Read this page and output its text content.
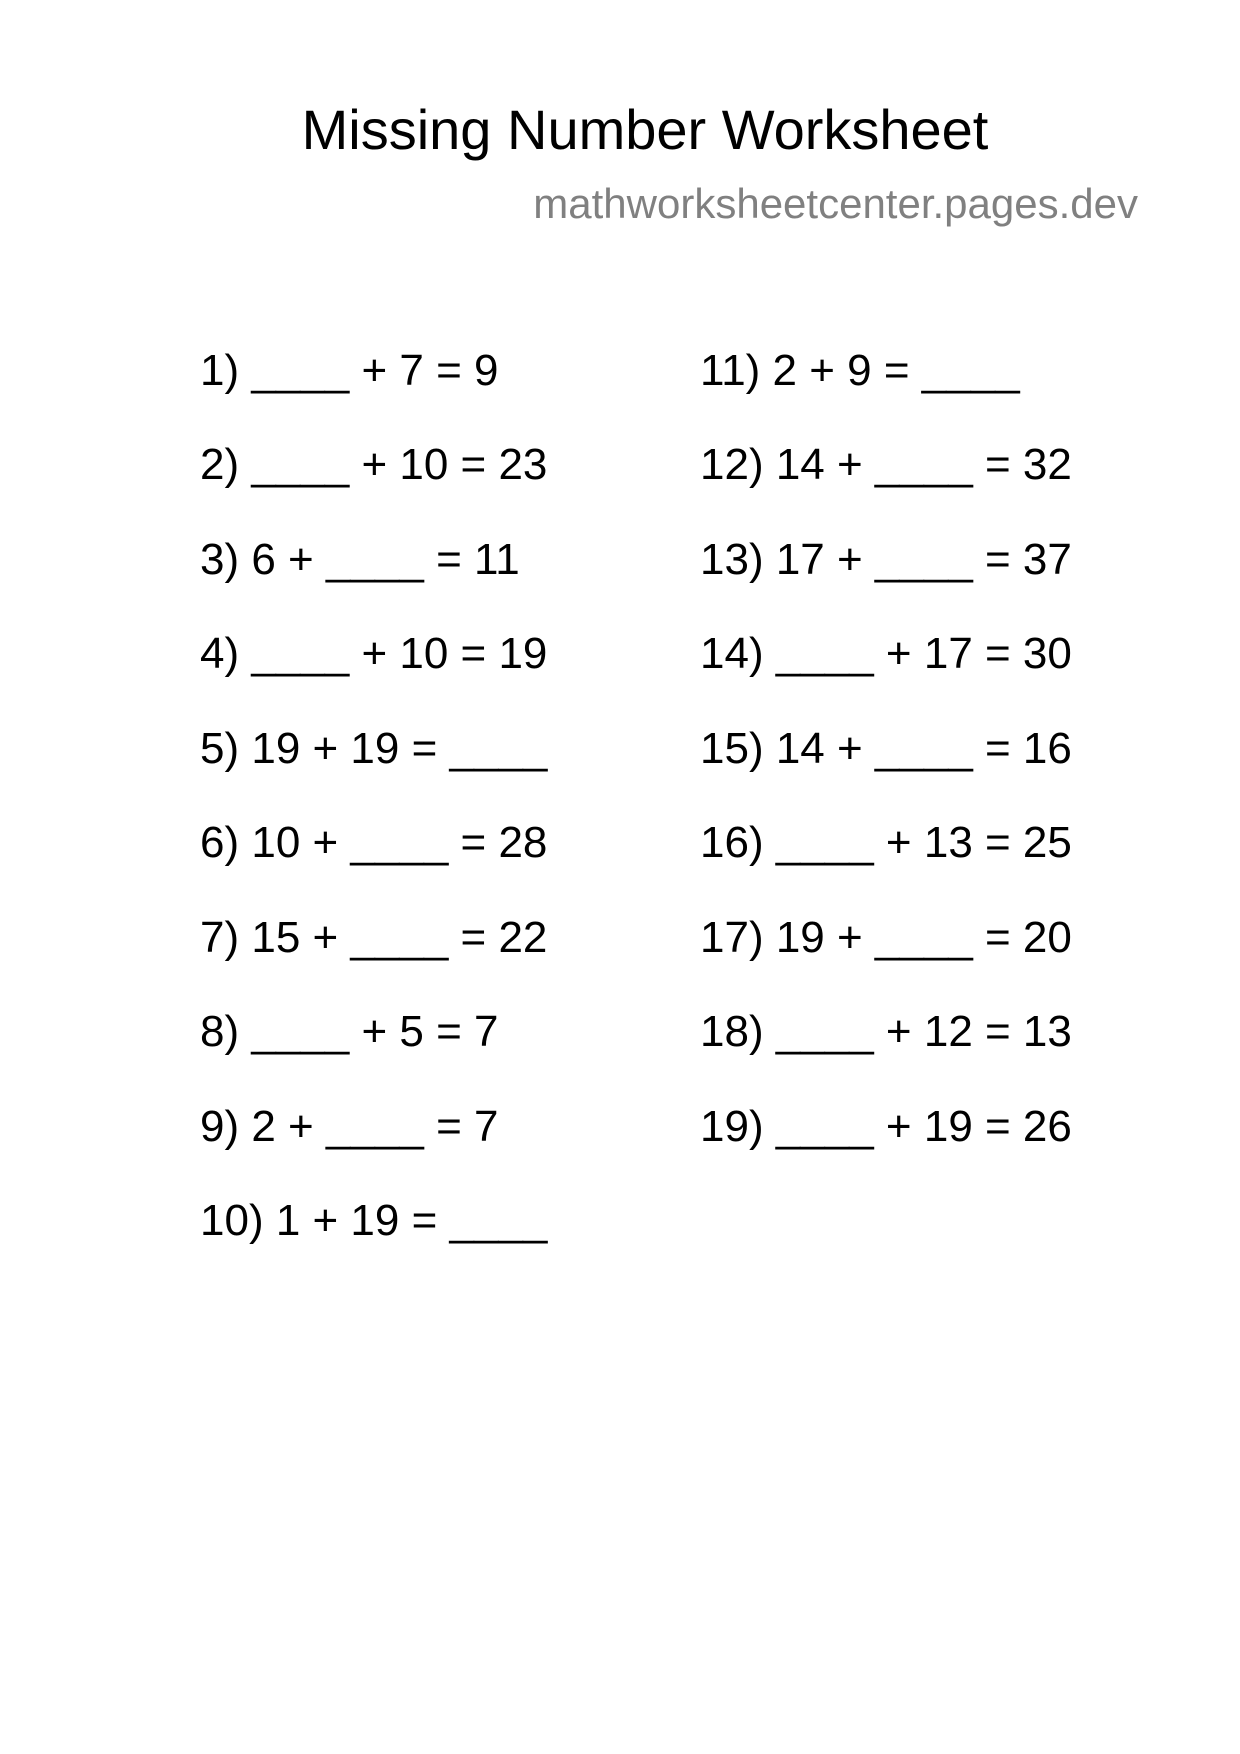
Missing Number Worksheet
mathworksheetcenter.pages.dev
1) ____ + 7 = 9
2) ____ + 10 = 23
3) 6 + ____ = 11
4) ____ + 10 = 19
5) 19 + 19 = ____
6) 10 + ____ = 28
7) 15 + ____ = 22
8) ____ + 5 = 7
9) 2 + ____ = 7
10) 1 + 19 = ____
11) 2 + 9 = ____
12) 14 + ____ = 32
13) 17 + ____ = 37
14) ____ + 17 = 30
15) 14 + ____ = 16
16) ____ + 13 = 25
17) 19 + ____ = 20
18) ____ + 12 = 13
19) ____ + 19 = 26
